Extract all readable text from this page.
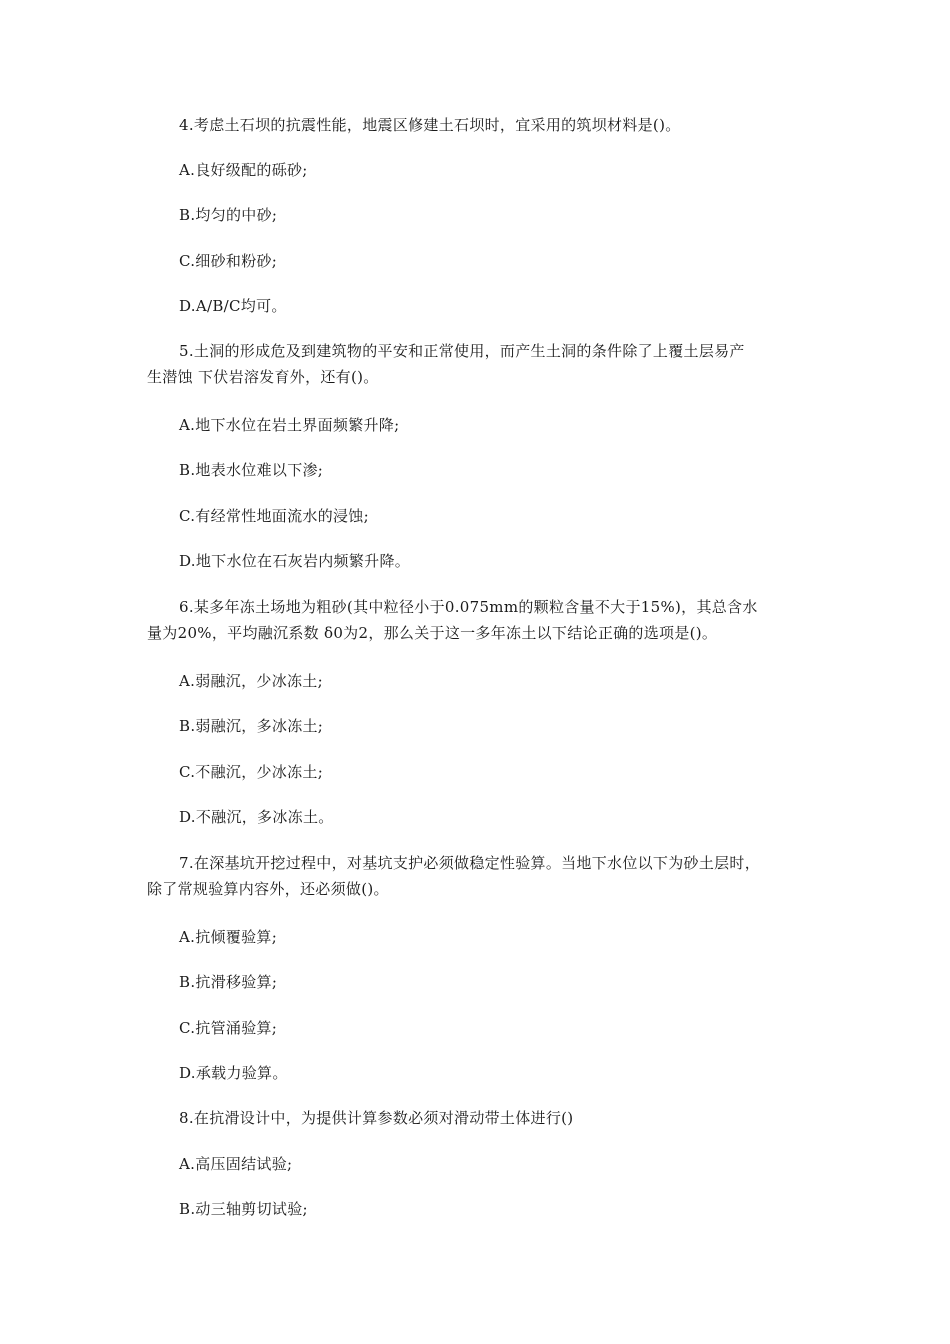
4.考虑土石坝的抗震性能，地震区修建土石坝时，宜采用的筑坝材料是()。
A.良好级配的砾砂;
B.均匀的中砂;
C.细砂和粉砂;
D.A/B/C均可。
5.土洞的形成危及到建筑物的平安和正常使用，而产生土洞的条件除了上覆土层易产
生潜蚀 下伏岩溶发育外，还有()。
A.地下水位在岩土界面频繁升降;
B.地表水位难以下渗;
C.有经常性地面流水的浸蚀;
D.地下水位在石灰岩内频繁升降。
6.某多年冻土场地为粗砂(其中粒径小于0.075mm的颗粒含量不大于15%)，其总含水
量为20%，平均融沉系数 δ0为2，那么关于这一多年冻土以下结论正确的选项是()。
A.弱融沉，少冰冻土;
B.弱融沉，多冰冻土;
C.不融沉，少冰冻土;
D.不融沉，多冰冻土。
7.在深基坑开挖过程中，对基坑支护必须做稳定性验算。当地下水位以下为砂土层时，
除了常规验算内容外，还必须做()。
A.抗倾覆验算;
B.抗滑移验算;
C.抗管涌验算;
D.承载力验算。
8.在抗滑设计中，为提供计算参数必须对滑动带土体进行()
A.高压固结试验;
B.动三轴剪切试验;
